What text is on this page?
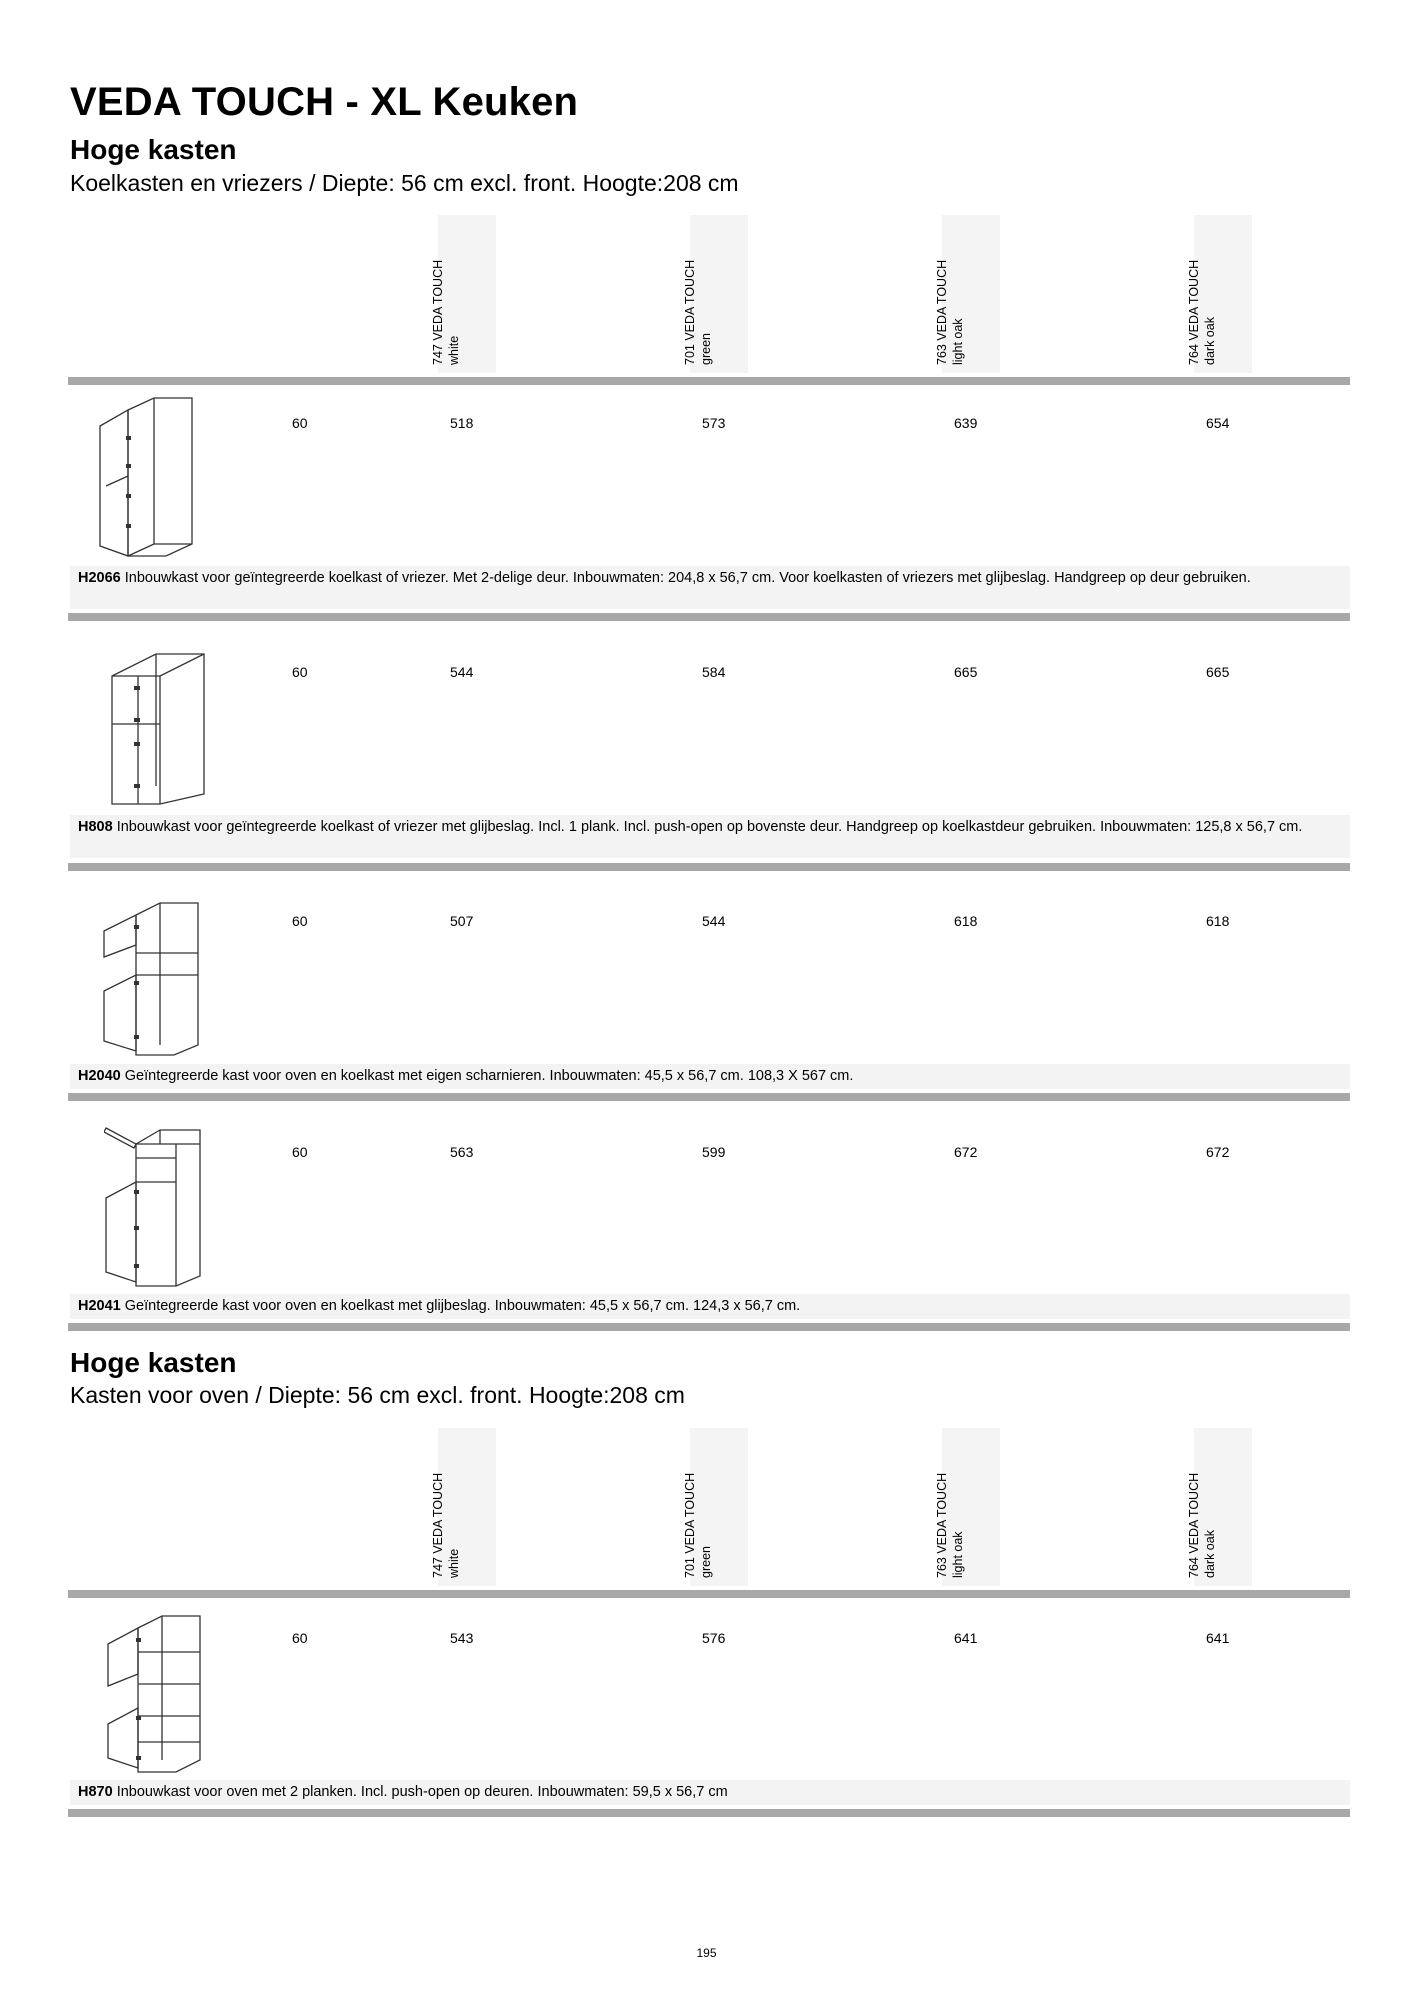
VEDA TOUCH - XL Keuken
Hoge kasten
Koelkasten en vriezers / Diepte: 56 cm excl. front. Hoogte:208 cm
747 VEDA TOUCH white	701 VEDA TOUCH green	763 VEDA TOUCH light oak	764 VEDA TOUCH dark oak
60	518	573	639	654
H2066 Inbouwkast voor geïntegreerde koelkast of vriezer. Met 2-delige deur. Inbouwmaten: 204,8 x 56,7 cm. Voor koelkasten of vriezers met glijbeslag. Handgreep op deur gebruiken.
60	544	584	665	665
H808 Inbouwkast voor geïntegreerde koelkast of vriezer met glijbeslag. Incl. 1 plank. Incl. push-open op bovenste deur. Handgreep op koelkastdeur gebruiken. Inbouwmaten: 125,8 x 56,7 cm.
60	507	544	618	618
H2040 Geïntegreerde kast voor oven en koelkast met eigen scharnieren. Inbouwmaten: 45,5 x 56,7 cm. 108,3 X 567 cm.
60	563	599	672	672
H2041 Geïntegreerde kast voor oven en koelkast met glijbeslag. Inbouwmaten: 45,5 x 56,7 cm. 124,3 x 56,7 cm.
Hoge kasten
Kasten voor oven / Diepte: 56 cm excl. front. Hoogte:208 cm
747 VEDA TOUCH white	701 VEDA TOUCH green	763 VEDA TOUCH light oak	764 VEDA TOUCH dark oak
60	543	576	641	641
H870 Inbouwkast voor oven met 2 planken. Incl. push-open op deuren. Inbouwmaten: 59,5 x 56,7 cm
195
